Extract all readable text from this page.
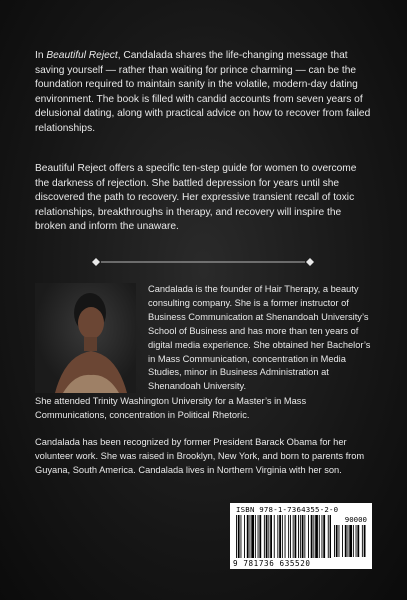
In Beautiful Reject, Candalada shares the life-changing message that saving yourself — rather than waiting for prince charming — can be the foundation required to maintain sanity in the volatile, modern-day dating environment. The book is filled with candid accounts from seven years of delusional dating, along with practical advice on how to recover from failed relationships.

Beautiful Reject offers a specific ten-step guide for women to overcome the darkness of rejection. She battled depression for years until she discovered the path to recovery. Her expressive transient recall of toxic relationships, breakthroughs in therapy, and recovery will inspire the broken and inform the unaware.

Candalada is the founder of Hair Therapy, a beauty consulting company. She is a former instructor of Business Communication at Shenandoah University’s School of Business and has more than ten years of digital media experience. She obtained her Bachelor’s in Mass Communication, concentration in Media Studies, minor in Business Administration at Shenandoah University.

She attended Trinity Washington University for a Master’s in Mass Communications, concentration in Political Rhetoric.

Candalada has been recognized by former President Barack Obama for her volunteer work. She was raised in Brooklyn, New York, and born to parents from Guyana, South America. Candalada lives in Northern Virginia with her son.

ISBN 978-1-7364355-2-0
90000
9 781736 635520
